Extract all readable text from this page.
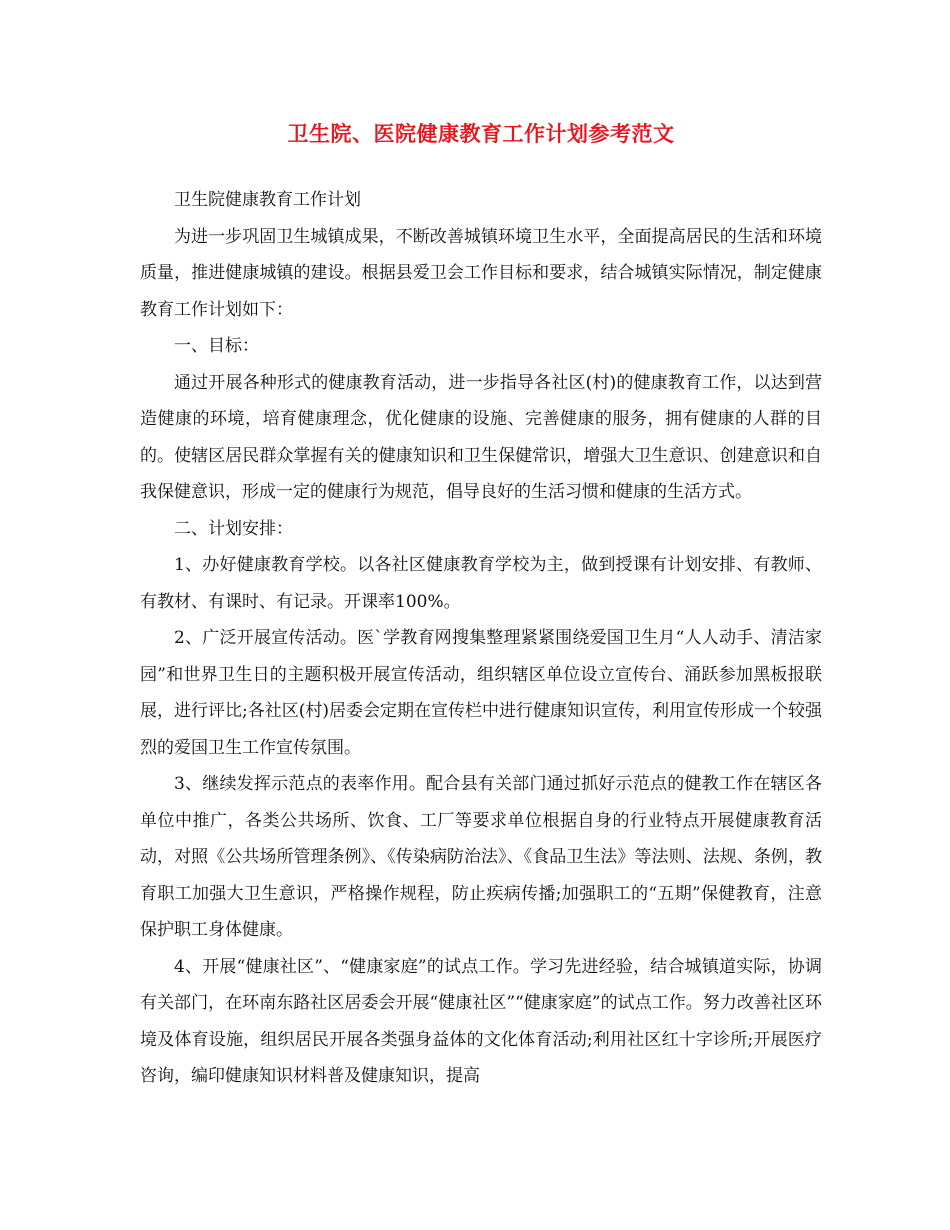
卫生院、医院健康教育工作计划参考范文

卫生院健康教育工作计划

为进一步巩固卫生城镇成果，不断改善城镇环境卫生水平，全面提高居民的生活和环境质量，推进健康城镇的建设。根据县爱卫会工作目标和要求，结合城镇实际情况，制定健康教育工作计划如下：

一、目标：

通过开展各种形式的健康教育活动，进一步指导各社区(村)的健康教育工作，以达到营造健康的环境，培育健康理念，优化健康的设施、完善健康的服务，拥有健康的人群的目的。使辖区居民群众掌握有关的健康知识和卫生保健常识，增强大卫生意识、创建意识和自我保健意识，形成一定的健康行为规范，倡导良好的生活习惯和健康的生活方式。

二、计划安排：

1、办好健康教育学校。以各社区健康教育学校为主，做到授课有计划安排、有教师、有教材、有课时、有记录。开课率100%。

2、广泛开展宣传活动。医`学教育网搜集整理紧紧围绕爱国卫生月“人人动手、清洁家园”和世界卫生日的主题积极开展宣传活动，组织辖区单位设立宣传台、涌跃参加黑板报联展，进行评比;各社区(村)居委会定期在宣传栏中进行健康知识宣传，利用宣传形成一个较强烈的爱国卫生工作宣传氛围。

3、继续发挥示范点的表率作用。配合县有关部门通过抓好示范点的健教工作在辖区各单位中推广，各类公共场所、饮食、工厂等要求单位根据自身的行业特点开展健康教育活动，对照《公共场所管理条例》、《传染病防治法》、《食品卫生法》等法则、法规、条例，教育职工加强大卫生意识，严格操作规程，防止疾病传播;加强职工的“五期”保健教育，注意保护职工身体健康。

4、开展“健康社区”、“健康家庭”的试点工作。学习先进经验，结合城镇道实际，协调有关部门，在环南东路社区居委会开展“健康社区”“健康家庭”的试点工作。努力改善社区环境及体育设施，组织居民开展各类强身益体的文化体育活动;利用社区红十字诊所;开展医疗咨询，编印健康知识材料普及健康知识，提高
